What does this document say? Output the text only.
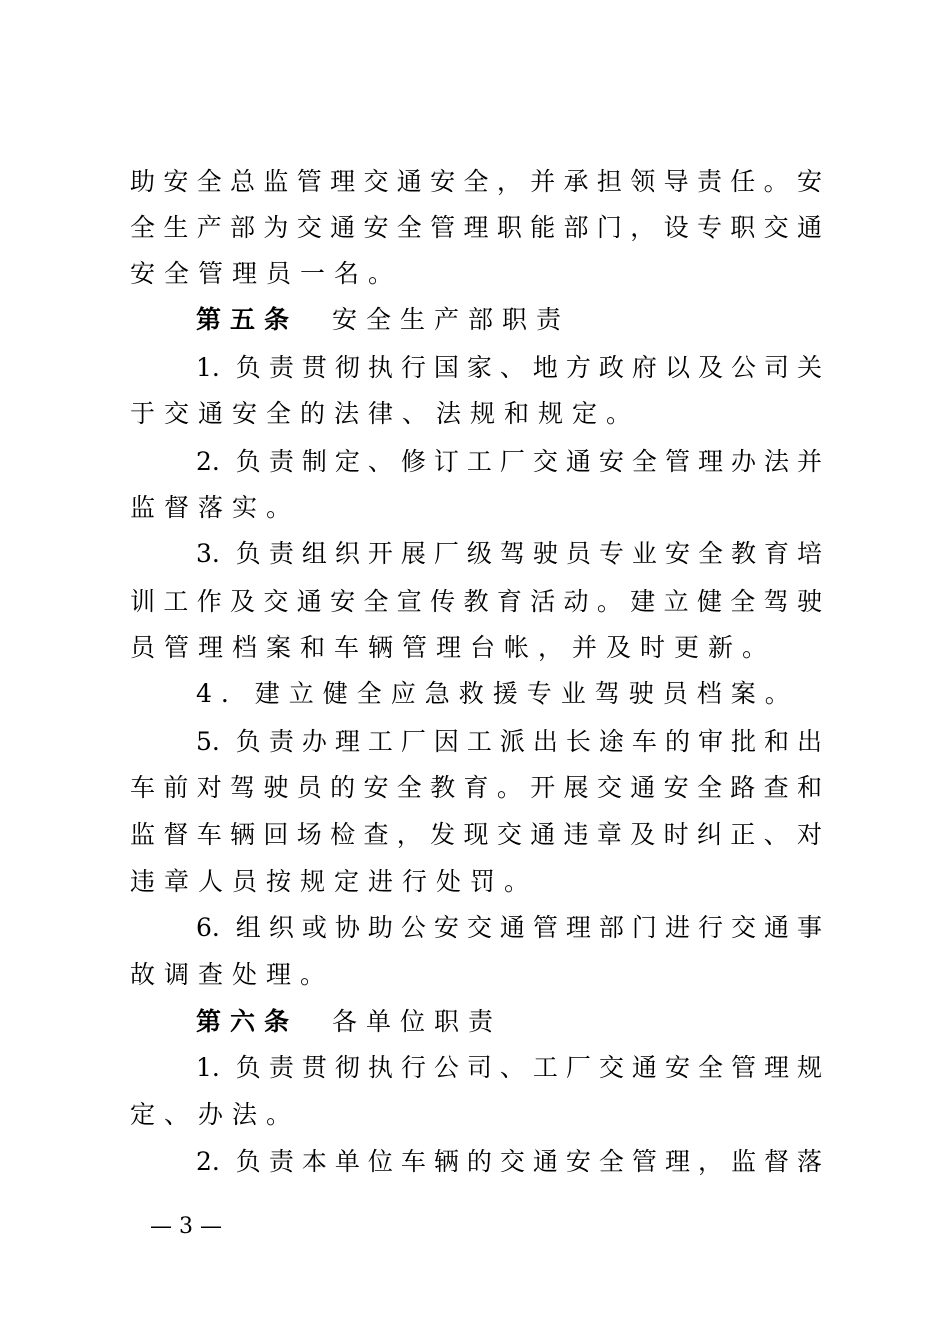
助安全总监管理交通安全，并承担领导责任。安
全生产部为交通安全管理职能部门，设专职交通
安全管理员一名。
第五条 安全生产部职责
1. 负责贯彻执行国家、地方政府以及公司关
于交通安全的法律、法规和规定。
2. 负责制定、修订工厂交通安全管理办法并
监督落实。
3. 负责组织开展厂级驾驶员专业安全教育培
训工作及交通安全宣传教育活动。建立健全驾驶
员管理档案和车辆管理台帐，并及时更新。
4. 建立健全应急救援专业驾驶员档案。
5. 负责办理工厂因工派出长途车的审批和出
车前对驾驶员的安全教育。开展交通安全路查和
监督车辆回场检查，发现交通违章及时纠正、对
违章人员按规定进行处罚。
6. 组织或协助公安交通管理部门进行交通事
故调查处理。
第六条 各单位职责
1. 负责贯彻执行公司、工厂交通安全管理规
定、办法。
2. 负责本单位车辆的交通安全管理，监督落
— 3 —
